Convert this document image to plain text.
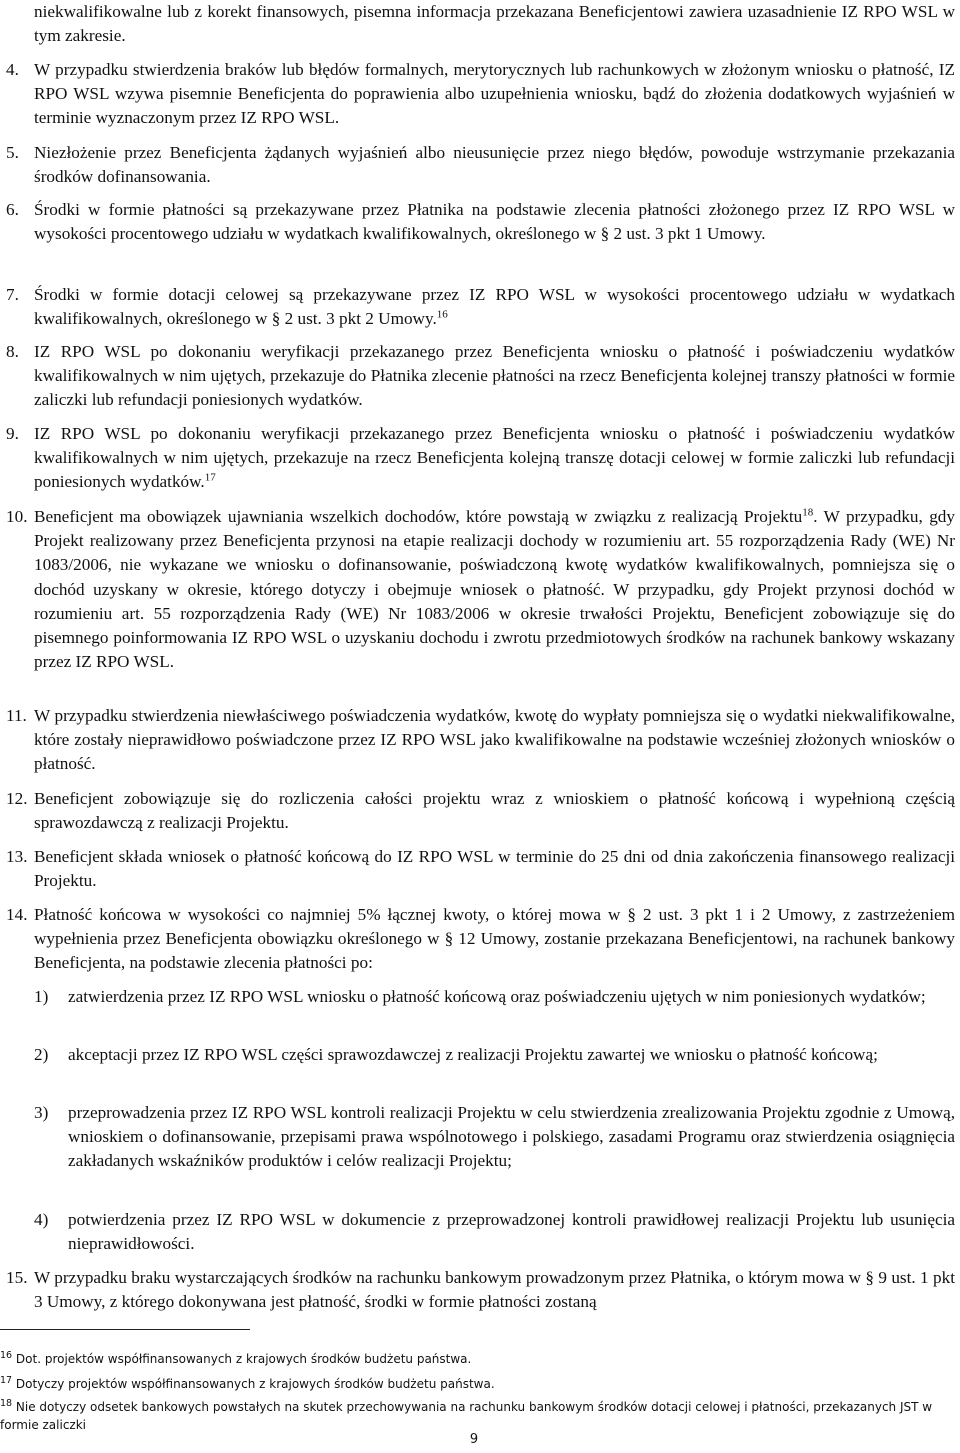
niekwalifikowalne lub z korekt finansowych, pisemna informacja przekazana Beneficjentowi zawiera uzasadnienie IZ RPO WSL w tym zakresie.
4. W przypadku stwierdzenia braków lub błędów formalnych, merytorycznych lub rachunkowych w złożonym wniosku o płatność, IZ RPO WSL wzywa pisemnie Beneficjenta do poprawienia albo uzupełnienia wniosku, bądź do złożenia dodatkowych wyjaśnień w terminie wyznaczonym przez IZ RPO WSL.
5. Niezłożenie przez Beneficjenta żądanych wyjaśnień albo nieusunięcie przez niego błędów, powoduje wstrzymanie przekazania środków dofinansowania.
6. Środki w formie płatności są przekazywane przez Płatnika na podstawie zlecenia płatności złożonego przez IZ RPO WSL w wysokości procentowego udziału w wydatkach kwalifikowalnych, określonego w § 2 ust. 3 pkt 1 Umowy.
7. Środki w formie dotacji celowej są przekazywane przez IZ RPO WSL w wysokości procentowego udziału w wydatkach kwalifikowalnych, określonego w § 2 ust. 3 pkt 2 Umowy.$^{16}$
8. IZ RPO WSL po dokonaniu weryfikacji przekazanego przez Beneficjenta wniosku o płatność i poświadczeniu wydatków kwalifikowalnych w nim ujętych, przekazuje do Płatnika zlecenie płatności na rzecz Beneficjenta kolejnej transzy płatności w formie zaliczki lub refundacji poniesionych wydatków.
9. IZ RPO WSL po dokonaniu weryfikacji przekazanego przez Beneficjenta wniosku o płatność i poświadczeniu wydatków kwalifikowalnych w nim ujętych, przekazuje na rzecz Beneficjenta kolejną transzę dotacji celowej w formie zaliczki lub refundacji poniesionych wydatków.$^{17}$
10. Beneficjent ma obowiązek ujawniania wszelkich dochodów, które powstają w związku z realizacją Projektu$^{18}$. W przypadku, gdy Projekt realizowany przez Beneficjenta przynosi na etapie realizacji dochody w rozumieniu art. 55 rozporządzenia Rady (WE) Nr 1083/2006, nie wykazane we wniosku o dofinansowanie, poświadczoną kwotę wydatków kwalifikowalnych, pomniejsza się o dochód uzyskany w okresie, którego dotyczy i obejmuje wniosek o płatność. W przypadku, gdy Projekt przynosi dochód w rozumieniu art. 55 rozporządzenia Rady (WE) Nr 1083/2006 w okresie trwałości Projektu, Beneficjent zobowiązuje się do pisemnego poinformowania IZ RPO WSL o uzyskaniu dochodu i zwrotu przedmiotowych środków na rachunek bankowy wskazany przez IZ RPO WSL.
11. W przypadku stwierdzenia niewłaściwego poświadczenia wydatków, kwotę do wypłaty pomniejsza się o wydatki niekwalifikowalne, które zostały nieprawidłowo poświadczone przez IZ RPO WSL jako kwalifikowalne na podstawie wcześniej złożonych wniosków o płatność.
12. Beneficjent zobowiązuje się do rozliczenia całości projektu wraz z wnioskiem o płatność końcową i wypełnioną częścią sprawozdawczą z realizacji Projektu.
13. Beneficjent składa wniosek o płatność końcową do IZ RPO WSL w terminie do 25 dni od dnia zakończenia finansowego realizacji Projektu.
14. Płatność końcowa w wysokości co najmniej 5% łącznej kwoty, o której mowa w § 2 ust. 3 pkt 1 i 2 Umowy, z zastrzeżeniem wypełnienia przez Beneficjenta obowiązku określonego w § 12 Umowy, zostanie przekazana Beneficjentowi, na rachunek bankowy Beneficjenta, na podstawie zlecenia płatności po:
1) zatwierdzenia przez IZ RPO WSL wniosku o płatność końcową oraz poświadczeniu ujętych w nim poniesionych wydatków;
2) akceptacji przez IZ RPO WSL części sprawozdawczej z realizacji Projektu zawartej we wniosku o płatność końcową;
3) przeprowadzenia przez IZ RPO WSL kontroli realizacji Projektu w celu stwierdzenia zrealizowania Projektu zgodnie z Umową, wnioskiem o dofinansowanie, przepisami prawa wspólnotowego i polskiego, zasadami Programu oraz stwierdzenia osiągnięcia zakładanych wskaźników produktów i celów realizacji Projektu;
4) potwierdzenia przez IZ RPO WSL w dokumencie z przeprowadzonej kontroli prawidłowej realizacji Projektu lub usunięcia nieprawidłowości.
15. W przypadku braku wystarczających środków na rachunku bankowym prowadzonym przez Płatnika, o którym mowa w § 9 ust. 1 pkt 3 Umowy, z którego dokonywana jest płatność, środki w formie płatności zostaną
$^{16}$ Dot. projektów współfinansowanych z krajowych środków budżetu państwa.
$^{17}$ Dotyczy projektów współfinansowanych z krajowych środków budżetu państwa.
$^{18}$ Nie dotyczy odsetek bankowych powstałych na skutek przechowywania na rachunku bankowym środków dotacji celowej i płatności, przekazanych JST w formie zaliczki
9
